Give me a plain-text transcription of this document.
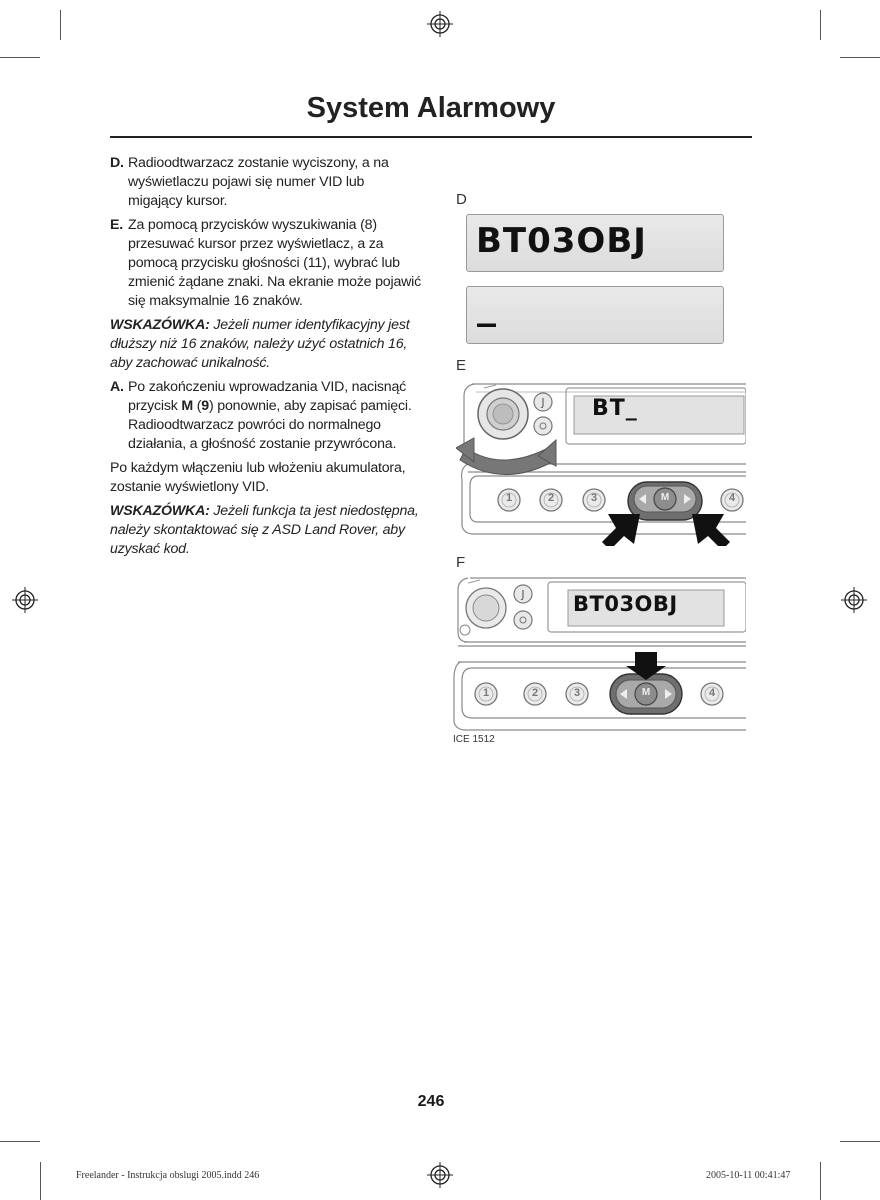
System Alarmowy
D. Radioodtwarzacz zostanie wyciszony, a na wyświetlaczu pojawi się numer VID lub migający kursor.
E. Za pomocą przycisków wyszukiwania (8) przesuwać kursor przez wyświetlacz, a za pomocą przycisku głośności (11), wybrać lub zmienić żądane znaki. Na ekranie może pojawić się maksymalnie 16 znaków.
WSKAZÓWKA: Jeżeli numer identyfikacyjny jest dłuższy niż 16 znaków, należy użyć ostatnich 16, aby zachować unikalność.
A. Po zakończeniu wprowadzania VID, nacisnąć przycisk M (9) ponownie, aby zapisać pamięci. Radioodtwarzacz powróci do normalnego działania, a głośność zostanie przywrócona.
Po każdym włączeniu lub włożeniu akumulatora, zostanie wyświetlony VID.
WSKAZÓWKA: Jeżeli funkcja ta jest niedostępna, należy skontaktować się z ASD Land Rover, aby uzyskać kod.
D
BT03OBJ
_
E
J BT_
1	2	3	4
M
F
J BT03OBJ
1	2	3	4
M
ICE 1512
246
Freelander - Instrukcja obslugi 2005.indd 246	2005-10-11 00:41:47
